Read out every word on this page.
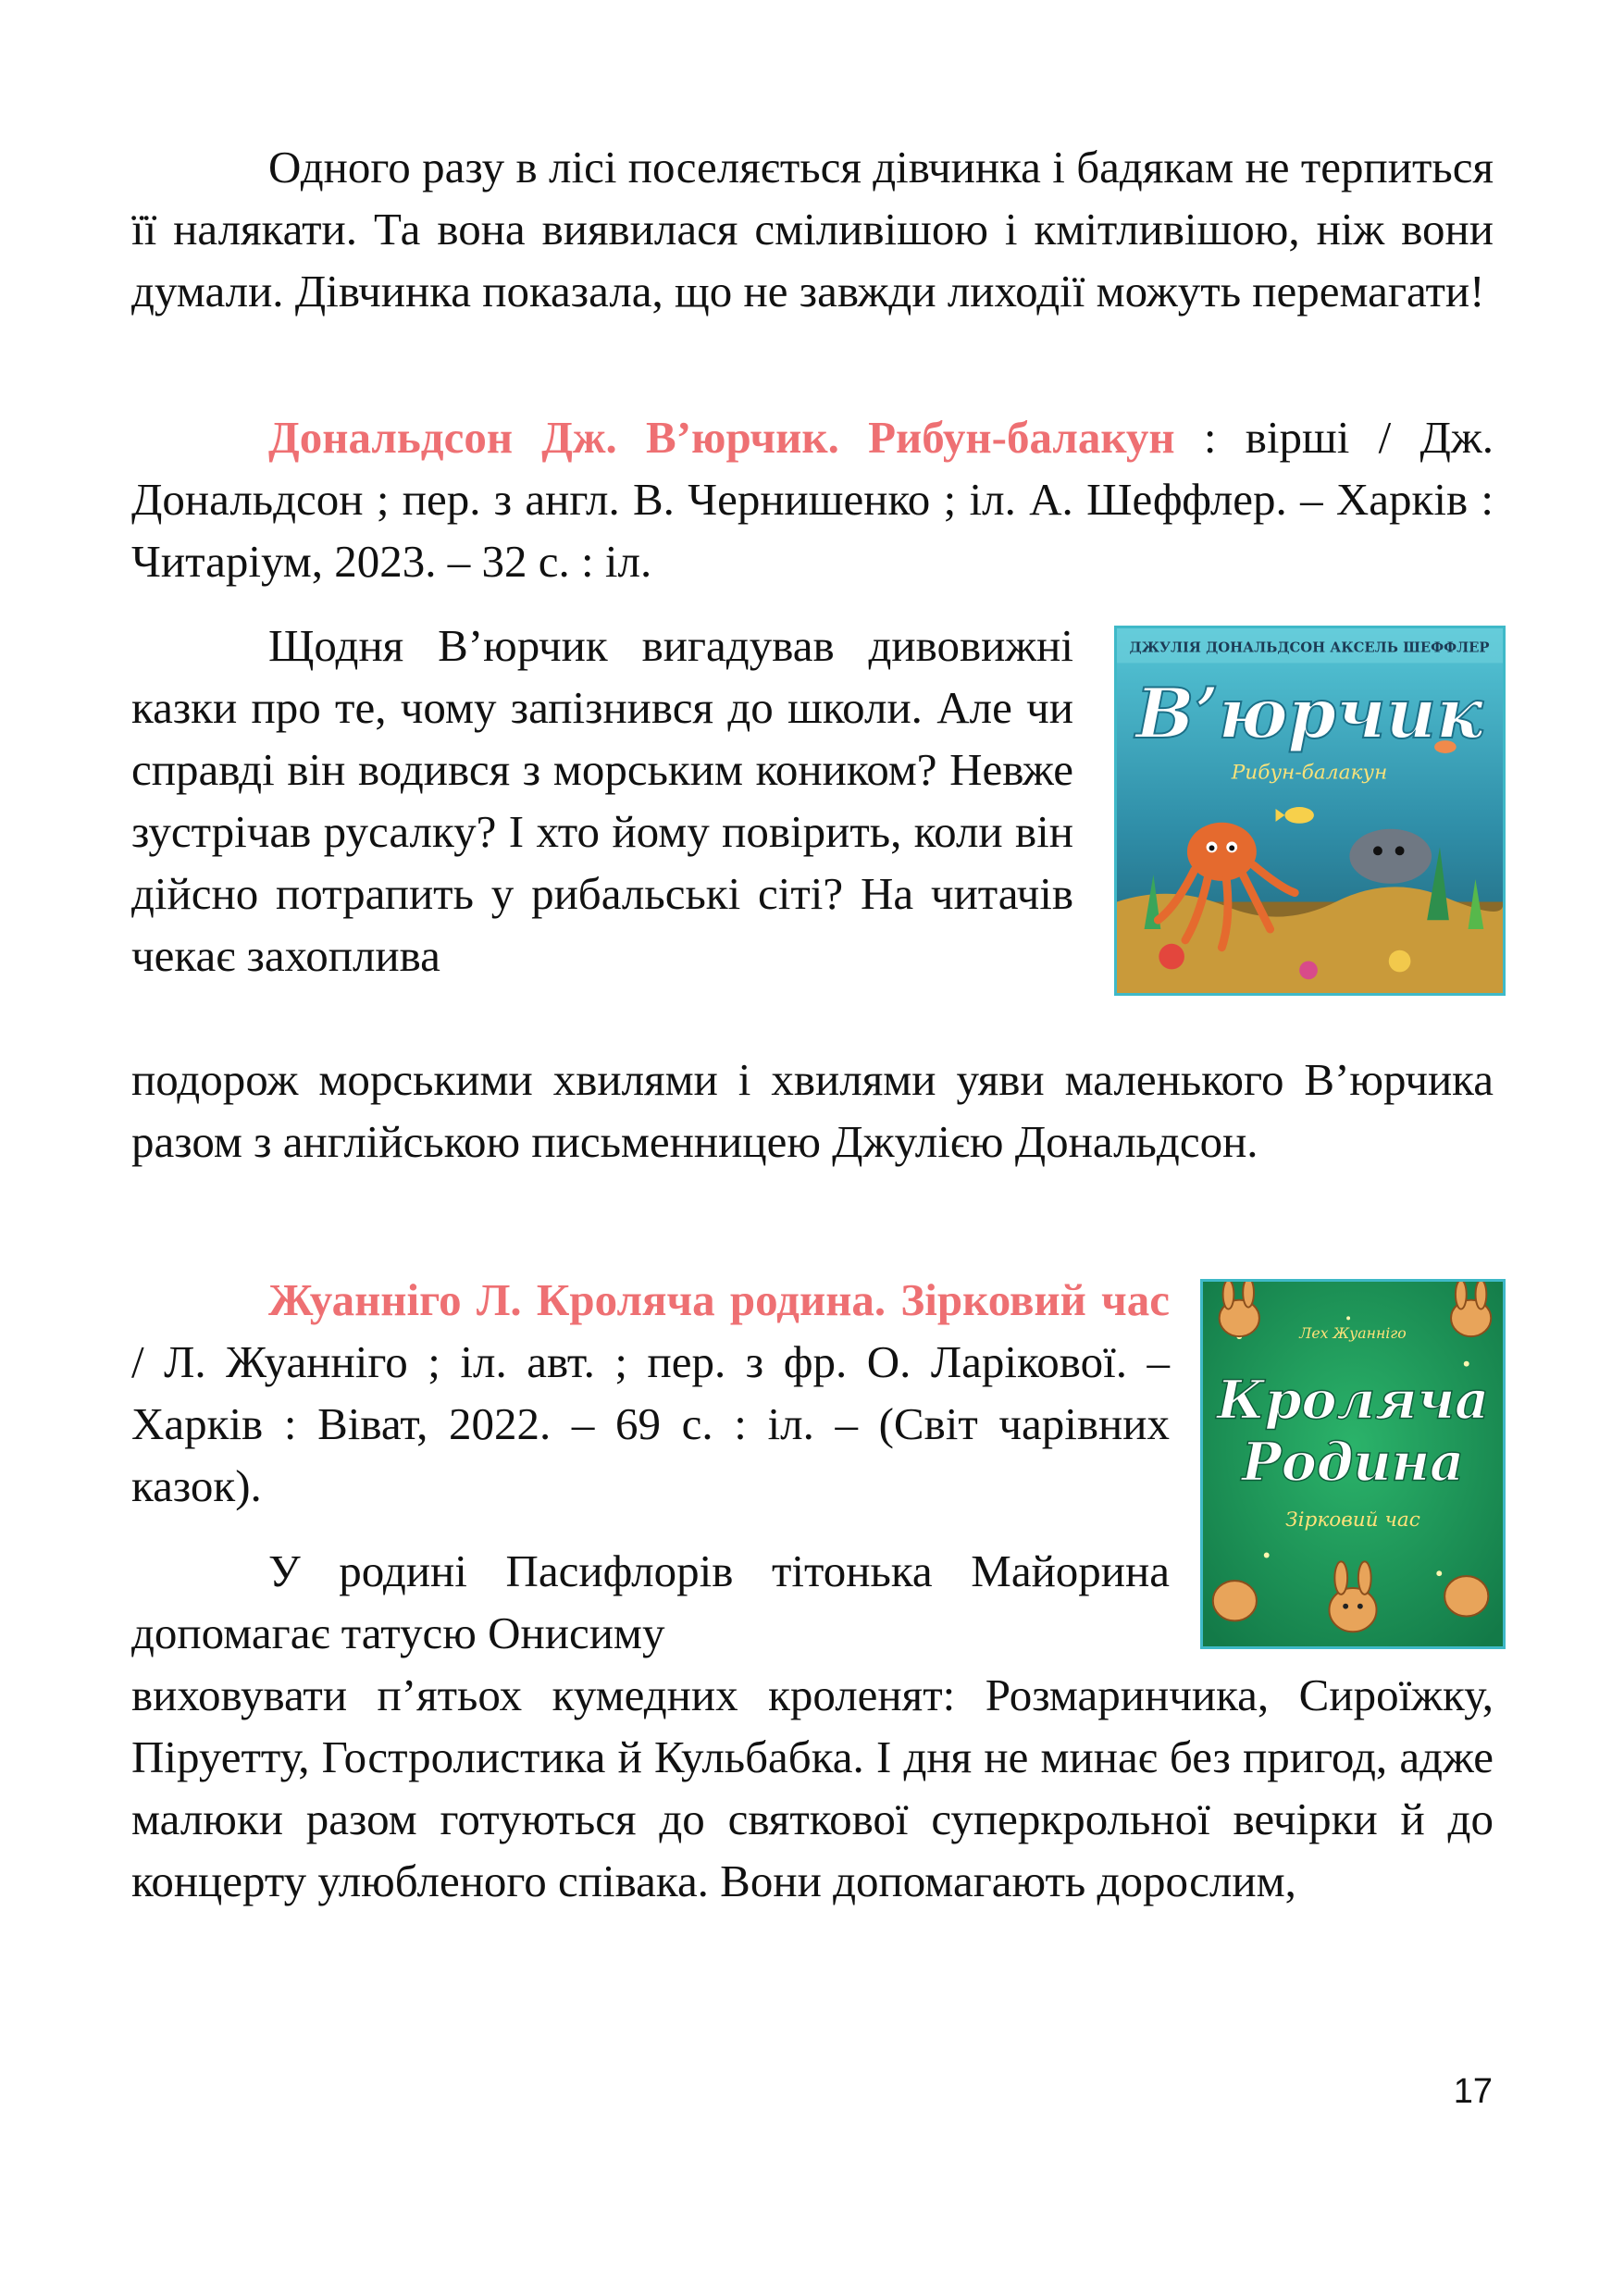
Одного разу в лісі поселяється дівчинка і бадякам не терпиться її налякати. Та вона виявилася сміливішою і кмітливішою, ніж вони думали. Дівчинка показала, що не завжди лиходії можуть перемагати!
Дональдсон Дж. В’юрчик. Рибун-балакун : вірші / Дж. Дональдсон ; пер. з англ. В. Чернишенко ; іл. А. Шеффлер. – Харків : Читаріум, 2023. – 32 с. : іл.
Щодня В’юрчик вигадував дивовижні казки про те, чому запізнився до школи. Але чи справді він водився з морським коником? Невже зустрічав русалку? І хто йому повірить, коли він дійсно потрапить у рибальські сіті? На читачів чекає захоплива
подорож морськими хвилями і хвилями уяви маленького В’юрчика разом з англійською письменницею Джулією Дональдсон.
ДЖУЛІЯ ДОНАЛЬДСОН АКСЕЛЬ ШЕФФЛЕР
Вʼюрчик
Рибун-балакун
Жуанніго Л. Кроляча родина. Зірковий час / Л. Жуанніго ; іл. авт. ; пер. з фр. О. Ларікової. – Харків : Віват, 2022. – 69 с. : іл. – (Світ чарівних казок).
У родині Пасифлорів тітонька Майорина допомагає татусю Онисиму
виховувати п’ятьох кумедних кроленят: Розмаринчика, Сироїжку, Піруетту, Гостролистика й Кульбабка. І дня не минає без пригод, адже малюки разом готуються до святкової суперкрольної вечірки й до концерту улюбленого співака. Вони допомагають дорослим,
Лех Жуанніго
Кроляча
Родина
Зірковий час
17
